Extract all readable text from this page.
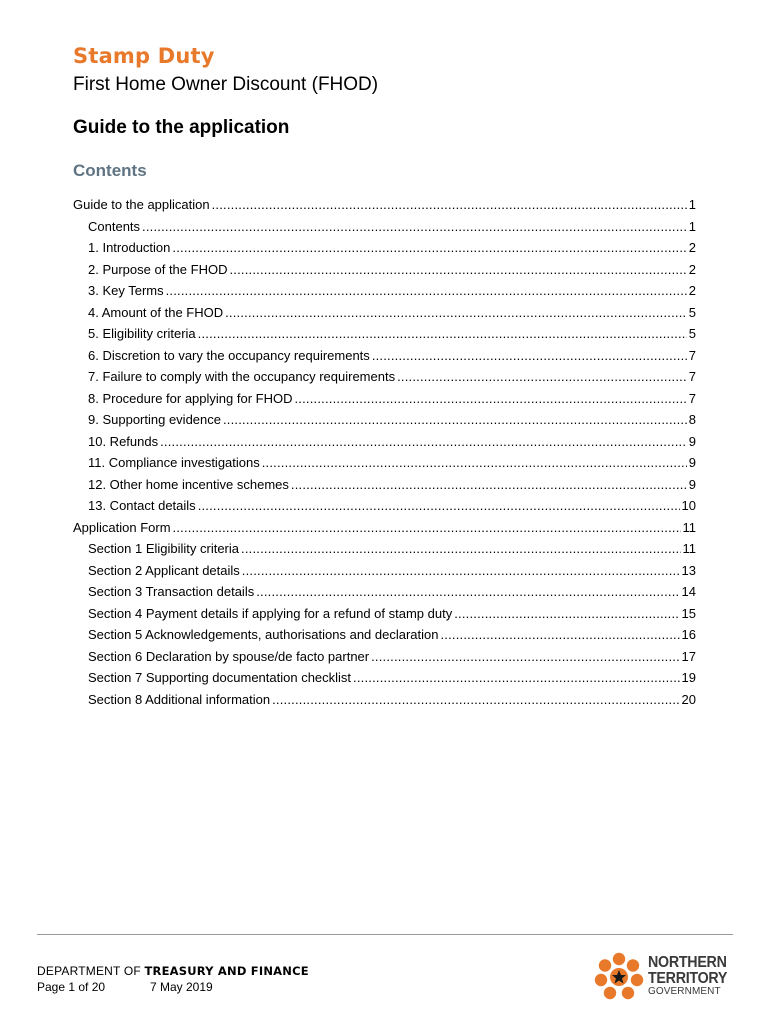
Stamp Duty
First Home Owner Discount (FHOD)
Guide to the application
Contents
Guide to the application .....	1
Contents .....	1
1. Introduction .....	2
2. Purpose of the FHOD .....	2
3. Key Terms .....	2
4. Amount of the FHOD .....	5
5. Eligibility criteria .....	5
6. Discretion to vary the occupancy requirements .....	7
7. Failure to comply with the occupancy requirements .....	7
8. Procedure for applying for FHOD .....	7
9. Supporting evidence .....	8
10. Refunds .....	9
11. Compliance investigations .....	9
12. Other home incentive schemes .....	9
13. Contact details .....	10
Application Form .....	11
Section 1 Eligibility criteria .....	11
Section 2 Applicant details .....	13
Section 3 Transaction details .....	14
Section 4 Payment details if applying for a refund of stamp duty .....	15
Section 5 Acknowledgements, authorisations and declaration .....	16
Section 6 Declaration by spouse/de facto partner .....	17
Section 7 Supporting documentation checklist .....	19
Section 8 Additional information .....	20
DEPARTMENT OF TREASURY AND FINANCE
Page 1 of 20	7 May 2019
NORTHERN
TERRITORY
GOVERNMENT
